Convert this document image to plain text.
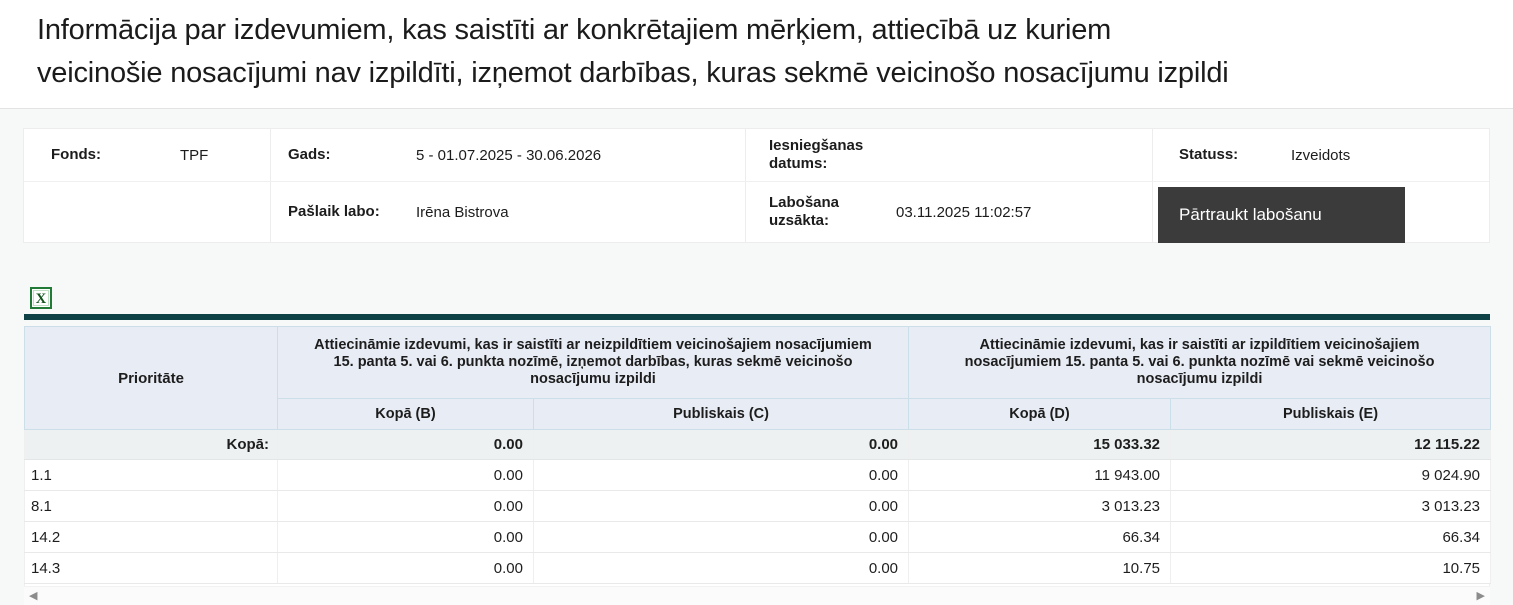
Informācija par izdevumiem, kas saistīti ar konkrētajiem mērķiem, attiecībā uz kuriem
veicinošie nosacījumi nav izpildīti, izņemot darbības, kuras sekmē veicinošo nosacījumu izpildi
Fonds:	TPF	Gads:	5 - 01.07.2025 - 30.06.2026
Iesniegšanas datums:
Statuss:	Izveidots
Pašlaik labo:	Irēna Bistrova
Labošana uzsākta:	03.11.2025 11:02:57	Pārtraukt labošanu
X
Prioritāte	Attiecināmie izdevumi, kas ir saistīti ar neizpildītiem veicinošajiem nosacījumiem 15. panta 5. vai 6. punkta nozīmē, izņemot darbības, kuras sekmē veicinošo nosacījumu izpildi		Attiecināmie izdevumi, kas ir saistīti ar izpildītiem veicinošajiem nosacījumiem 15. panta 5. vai 6. punkta nozīmē vai sekmē veicinošo nosacījumu izpildi	
	Kopā (B)	Publiskais (C)	Kopā (D)	Publiskais (E)
Kopā:	0.00	0.00	15 033.32	12 115.22
1.1	0.00	0.00	11 943.00	9 024.90
8.1	0.00	0.00	3 013.23	3 013.23
14.2	0.00	0.00	66.34	66.34
14.3	0.00	0.00	10.75	10.75
◀	▶
